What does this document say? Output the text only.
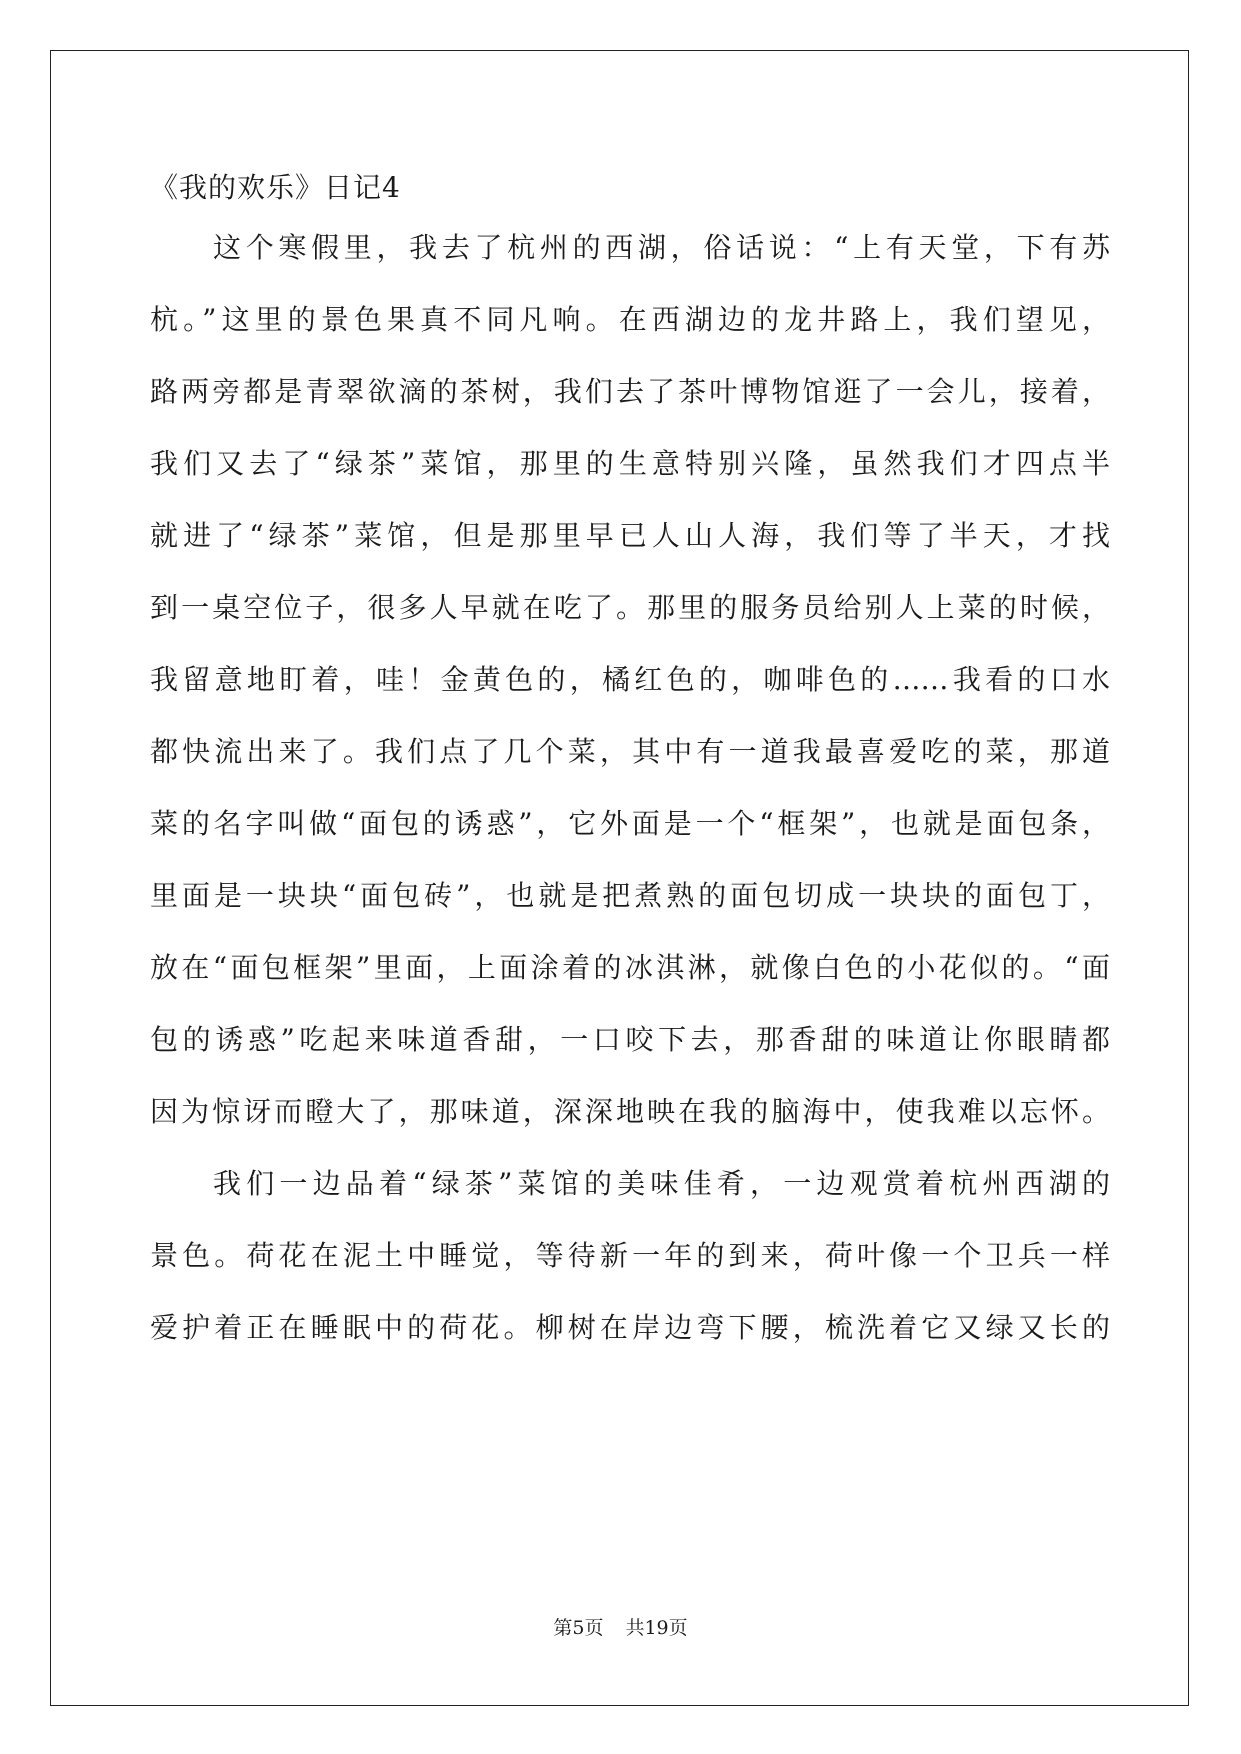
《我的欢乐》日记4
这个寒假里，我去了杭州的西湖，俗话说：“上有天堂，下有苏
杭。”这里的景色果真不同凡响。在西湖边的龙井路上，我们望见，
路两旁都是青翠欲滴的茶树，我们去了茶叶博物馆逛了一会儿，接着，
我们又去了“绿茶”菜馆，那里的生意特别兴隆，虽然我们才四点半
就进了“绿茶”菜馆，但是那里早已人山人海，我们等了半天，才找
到一桌空位子，很多人早就在吃了。那里的服务员给别人上菜的时候，
我留意地盯着，哇！金黄色的，橘红色的，咖啡色的……我看的口水
都快流出来了。我们点了几个菜，其中有一道我最喜爱吃的菜，那道
菜的名字叫做“面包的诱惑”，它外面是一个“框架”，也就是面包条，
里面是一块块“面包砖”，也就是把煮熟的面包切成一块块的面包丁，
放在“面包框架”里面，上面涂着的冰淇淋，就像白色的小花似的。“面
包的诱惑”吃起来味道香甜，一口咬下去，那香甜的味道让你眼睛都
因为惊讶而瞪大了，那味道，深深地映在我的脑海中，使我难以忘怀。
我们一边品着“绿茶”菜馆的美味佳肴，一边观赏着杭州西湖的
景色。荷花在泥土中睡觉，等待新一年的到来，荷叶像一个卫兵一样
爱护着正在睡眠中的荷花。柳树在岸边弯下腰，梳洗着它又绿又长的
第5页 共19页
